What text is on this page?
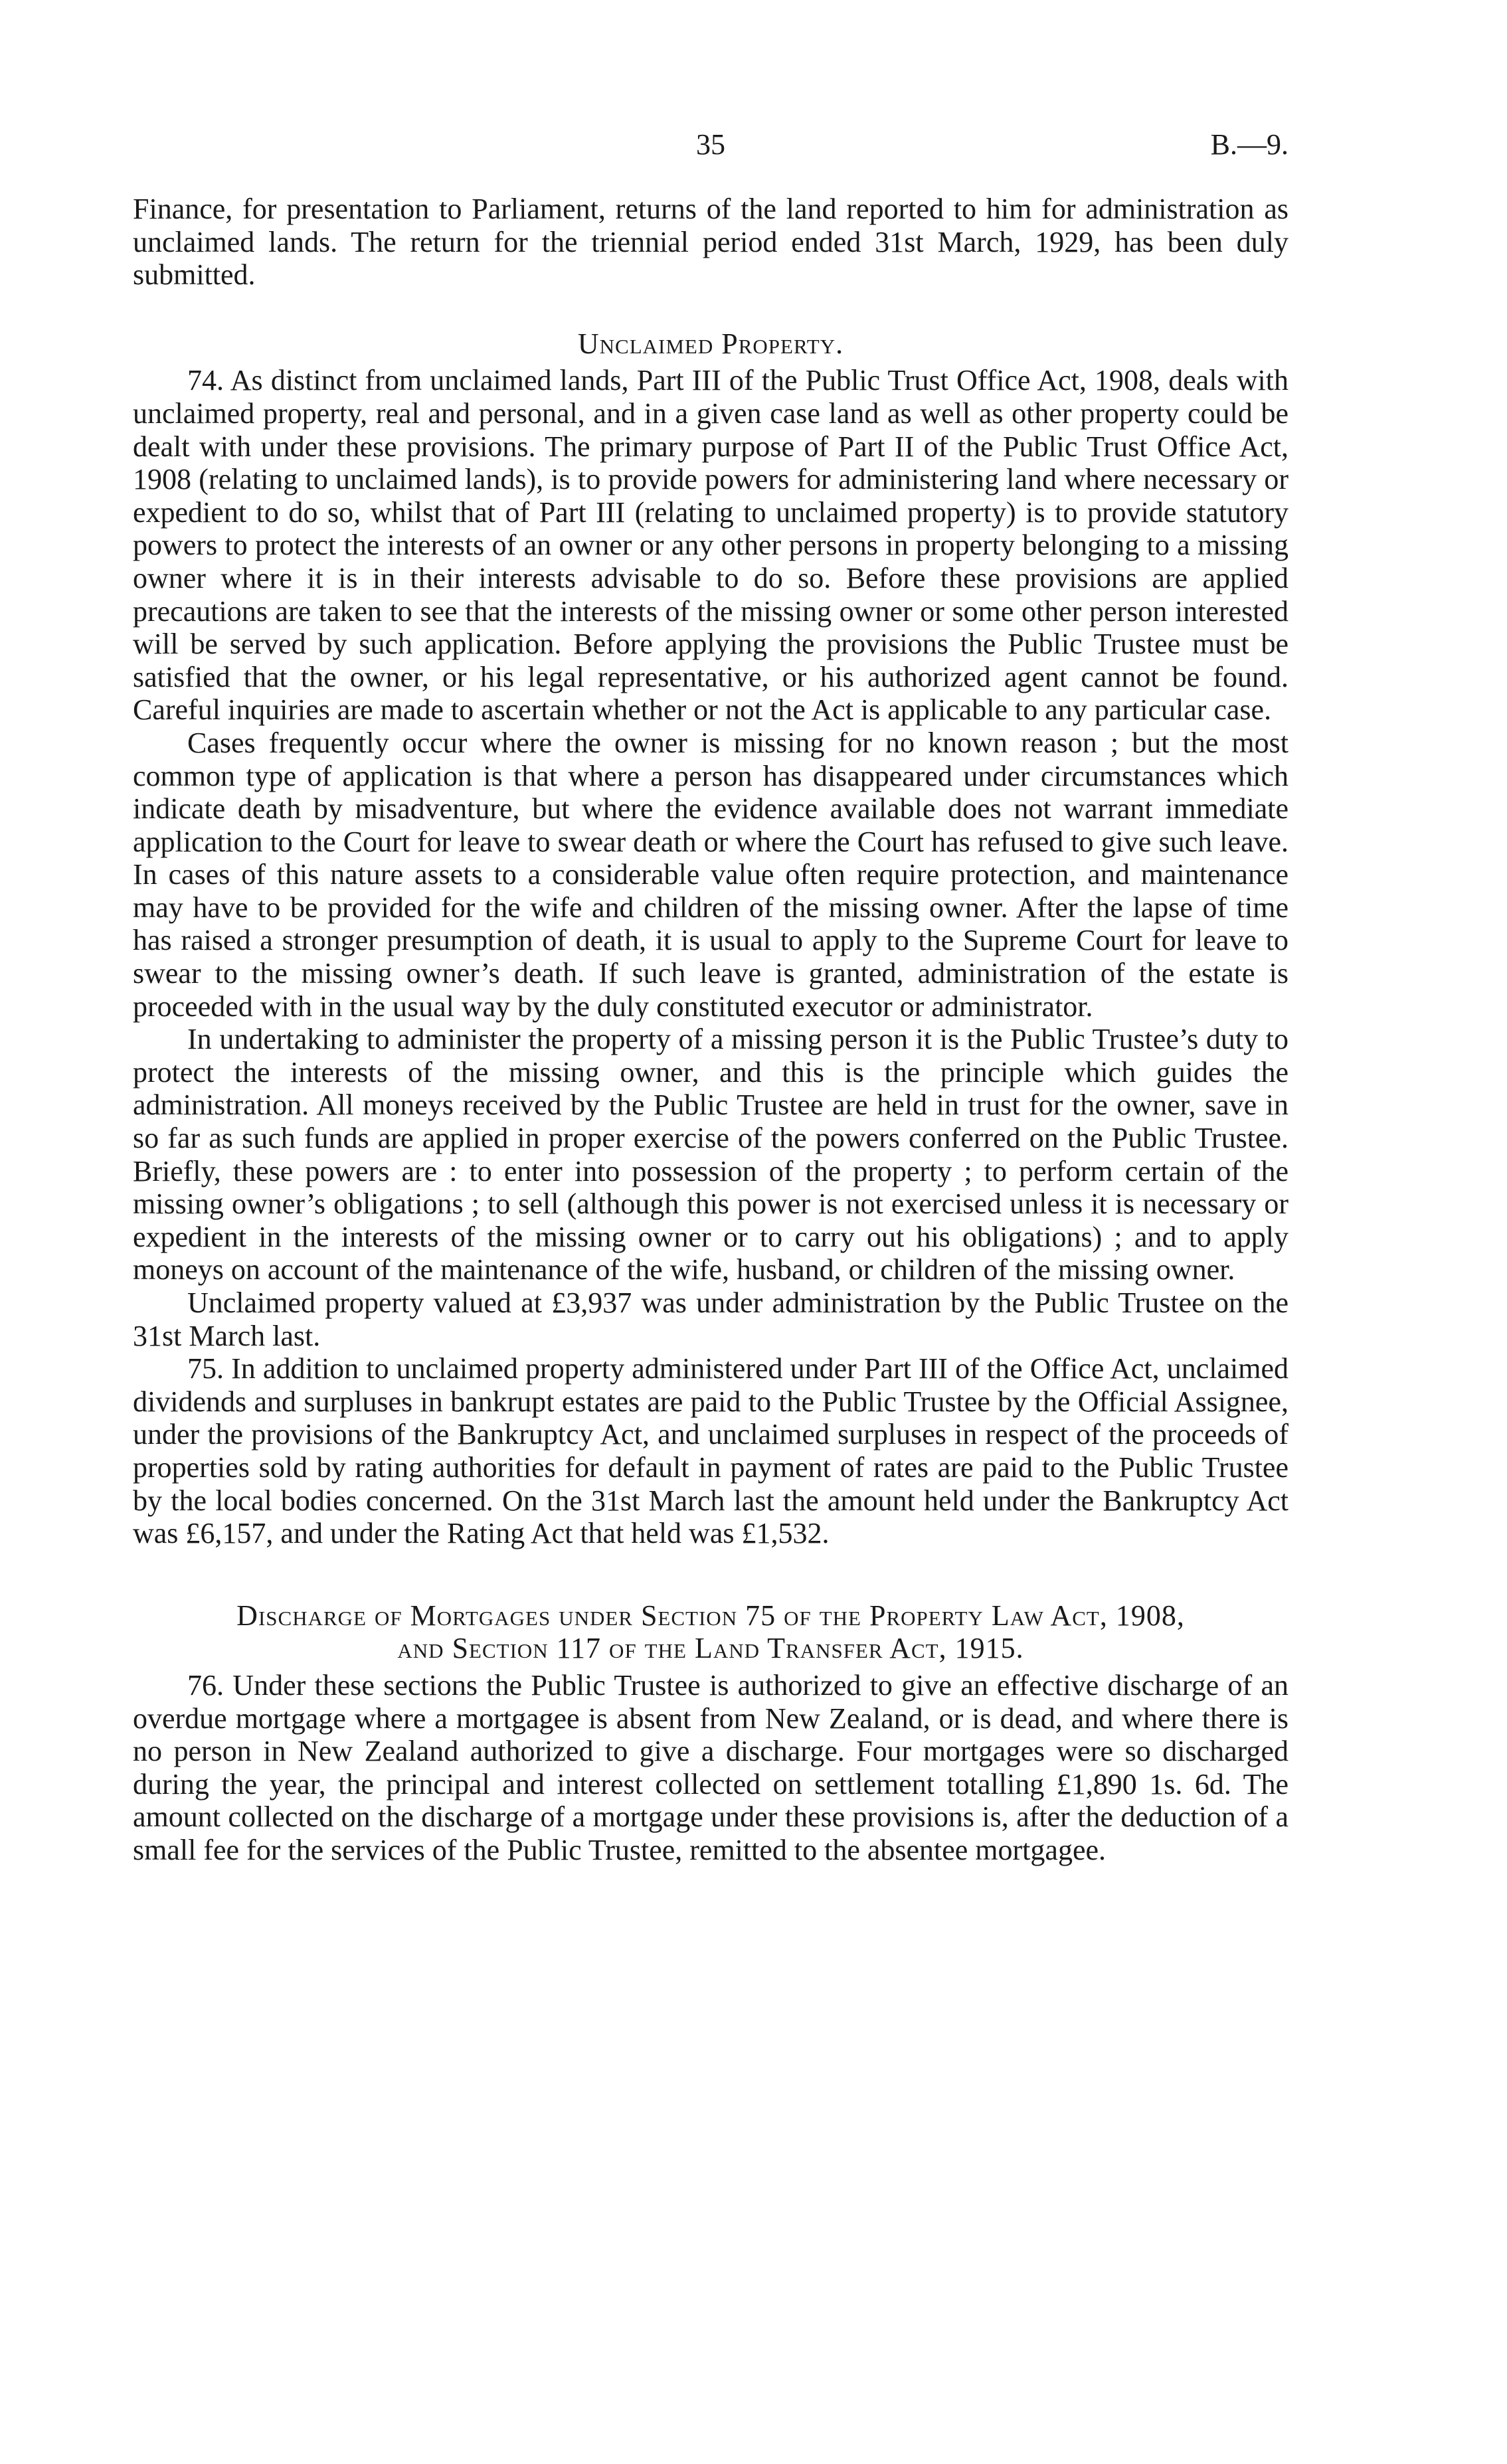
35	B.—9.

Finance, for presentation to Parliament, returns of the land reported to him for administration as unclaimed lands. The return for the triennial period ended 31st March, 1929, has been duly submitted.

Unclaimed Property.

74. As distinct from unclaimed lands, Part III of the Public Trust Office Act, 1908, deals with unclaimed property, real and personal, and in a given case land as well as other property could be dealt with under these provisions. The primary purpose of Part II of the Public Trust Office Act, 1908 (relating to unclaimed lands), is to provide powers for administering land where necessary or expedient to do so, whilst that of Part III (relating to unclaimed property) is to provide statutory powers to protect the interests of an owner or any other persons in property belonging to a missing owner where it is in their interests advisable to do so. Before these provisions are applied precautions are taken to see that the interests of the missing owner or some other person interested will be served by such application. Before applying the provisions the Public Trustee must be satisfied that the owner, or his legal representative, or his authorized agent cannot be found. Careful inquiries are made to ascertain whether or not the Act is applicable to any particular case.

Cases frequently occur where the owner is missing for no known reason ; but the most common type of application is that where a person has disappeared under circumstances which indicate death by misadventure, but where the evidence available does not warrant immediate application to the Court for leave to swear death or where the Court has refused to give such leave. In cases of this nature assets to a considerable value often require protection, and maintenance may have to be provided for the wife and children of the missing owner. After the lapse of time has raised a stronger presumption of death, it is usual to apply to the Supreme Court for leave to swear to the missing owner’s death. If such leave is granted, administration of the estate is proceeded with in the usual way by the duly constituted executor or administrator.

In undertaking to administer the property of a missing person it is the Public Trustee’s duty to protect the interests of the missing owner, and this is the principle which guides the administration. All moneys received by the Public Trustee are held in trust for the owner, save in so far as such funds are applied in proper exercise of the powers conferred on the Public Trustee. Briefly, these powers are : to enter into possession of the property ; to perform certain of the missing owner’s obligations ; to sell (although this power is not exercised unless it is necessary or expedient in the interests of the missing owner or to carry out his obligations) ; and to apply moneys on account of the maintenance of the wife, husband, or children of the missing owner.

Unclaimed property valued at £3,937 was under administration by the Public Trustee on the 31st March last.

75. In addition to unclaimed property administered under Part III of the Office Act, unclaimed dividends and surpluses in bankrupt estates are paid to the Public Trustee by the Official Assignee, under the provisions of the Bankruptcy Act, and unclaimed surpluses in respect of the proceeds of properties sold by rating authorities for default in payment of rates are paid to the Public Trustee by the local bodies concerned. On the 31st March last the amount held under the Bankruptcy Act was £6,157, and under the Rating Act that held was £1,532.

Discharge of Mortgages under Section 75 of the Property Law Act, 1908,
and Section 117 of the Land Transfer Act, 1915.

76. Under these sections the Public Trustee is authorized to give an effective discharge of an overdue mortgage where a mortgagee is absent from New Zealand, or is dead, and where there is no person in New Zealand authorized to give a discharge. Four mortgages were so discharged during the year, the principal and interest collected on settlement totalling £1,890 1s. 6d. The amount collected on the discharge of a mortgage under these provisions is, after the deduction of a small fee for the services of the Public Trustee, remitted to the absentee mortgagee.
